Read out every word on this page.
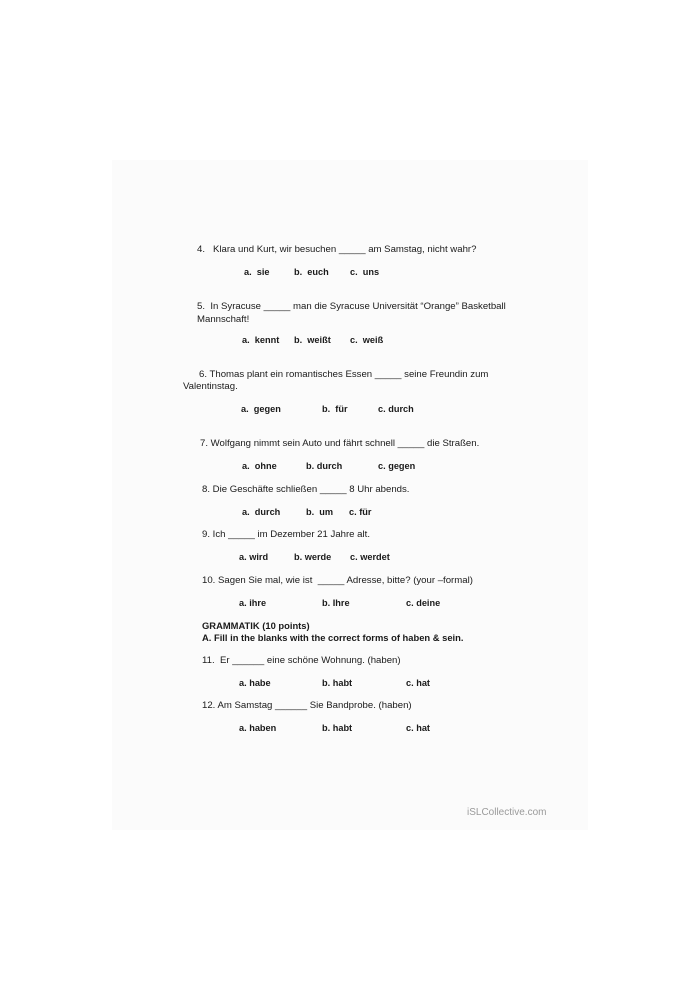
4.   Klara und Kurt, wir besuchen _____ am Samstag, nicht wahr?
a.  sie	b.  euch c.  uns
5.  In Syracuse _____ man die Syracuse Universität “Orange” Basketball
Mannschaft!
a.  kennt b.  weißt c.  weiß
6. Thomas plant ein romantisches Essen _____ seine Freundin zum
Valentinstag.
a.  gegen	b.  für	c. durch
7. Wolfgang nimmt sein Auto und fährt schnell _____ die Straßen.
a.  ohne	b. durch	c. gegen
8. Die Geschäfte schließen _____ 8 Uhr abends.
a.  durch	b.  um c. für
9. Ich _____ im Dezember 21 Jahre alt.
a. wird	b. werde c. werdet
10. Sagen Sie mal, wie ist  _____ Adresse, bitte? (your –formal)
a. ihre	b. Ihre	c. deine
GRAMMATIK (10 points)
A. Fill in the blanks with the correct forms of haben & sein.
11.  Er ______ eine schöne Wohnung. (haben)
a. habe	b. habt	c. hat
12. Am Samstag ______ Sie Bandprobe. (haben)
a. haben	b. habt	c. hat
iSLCollective.com
